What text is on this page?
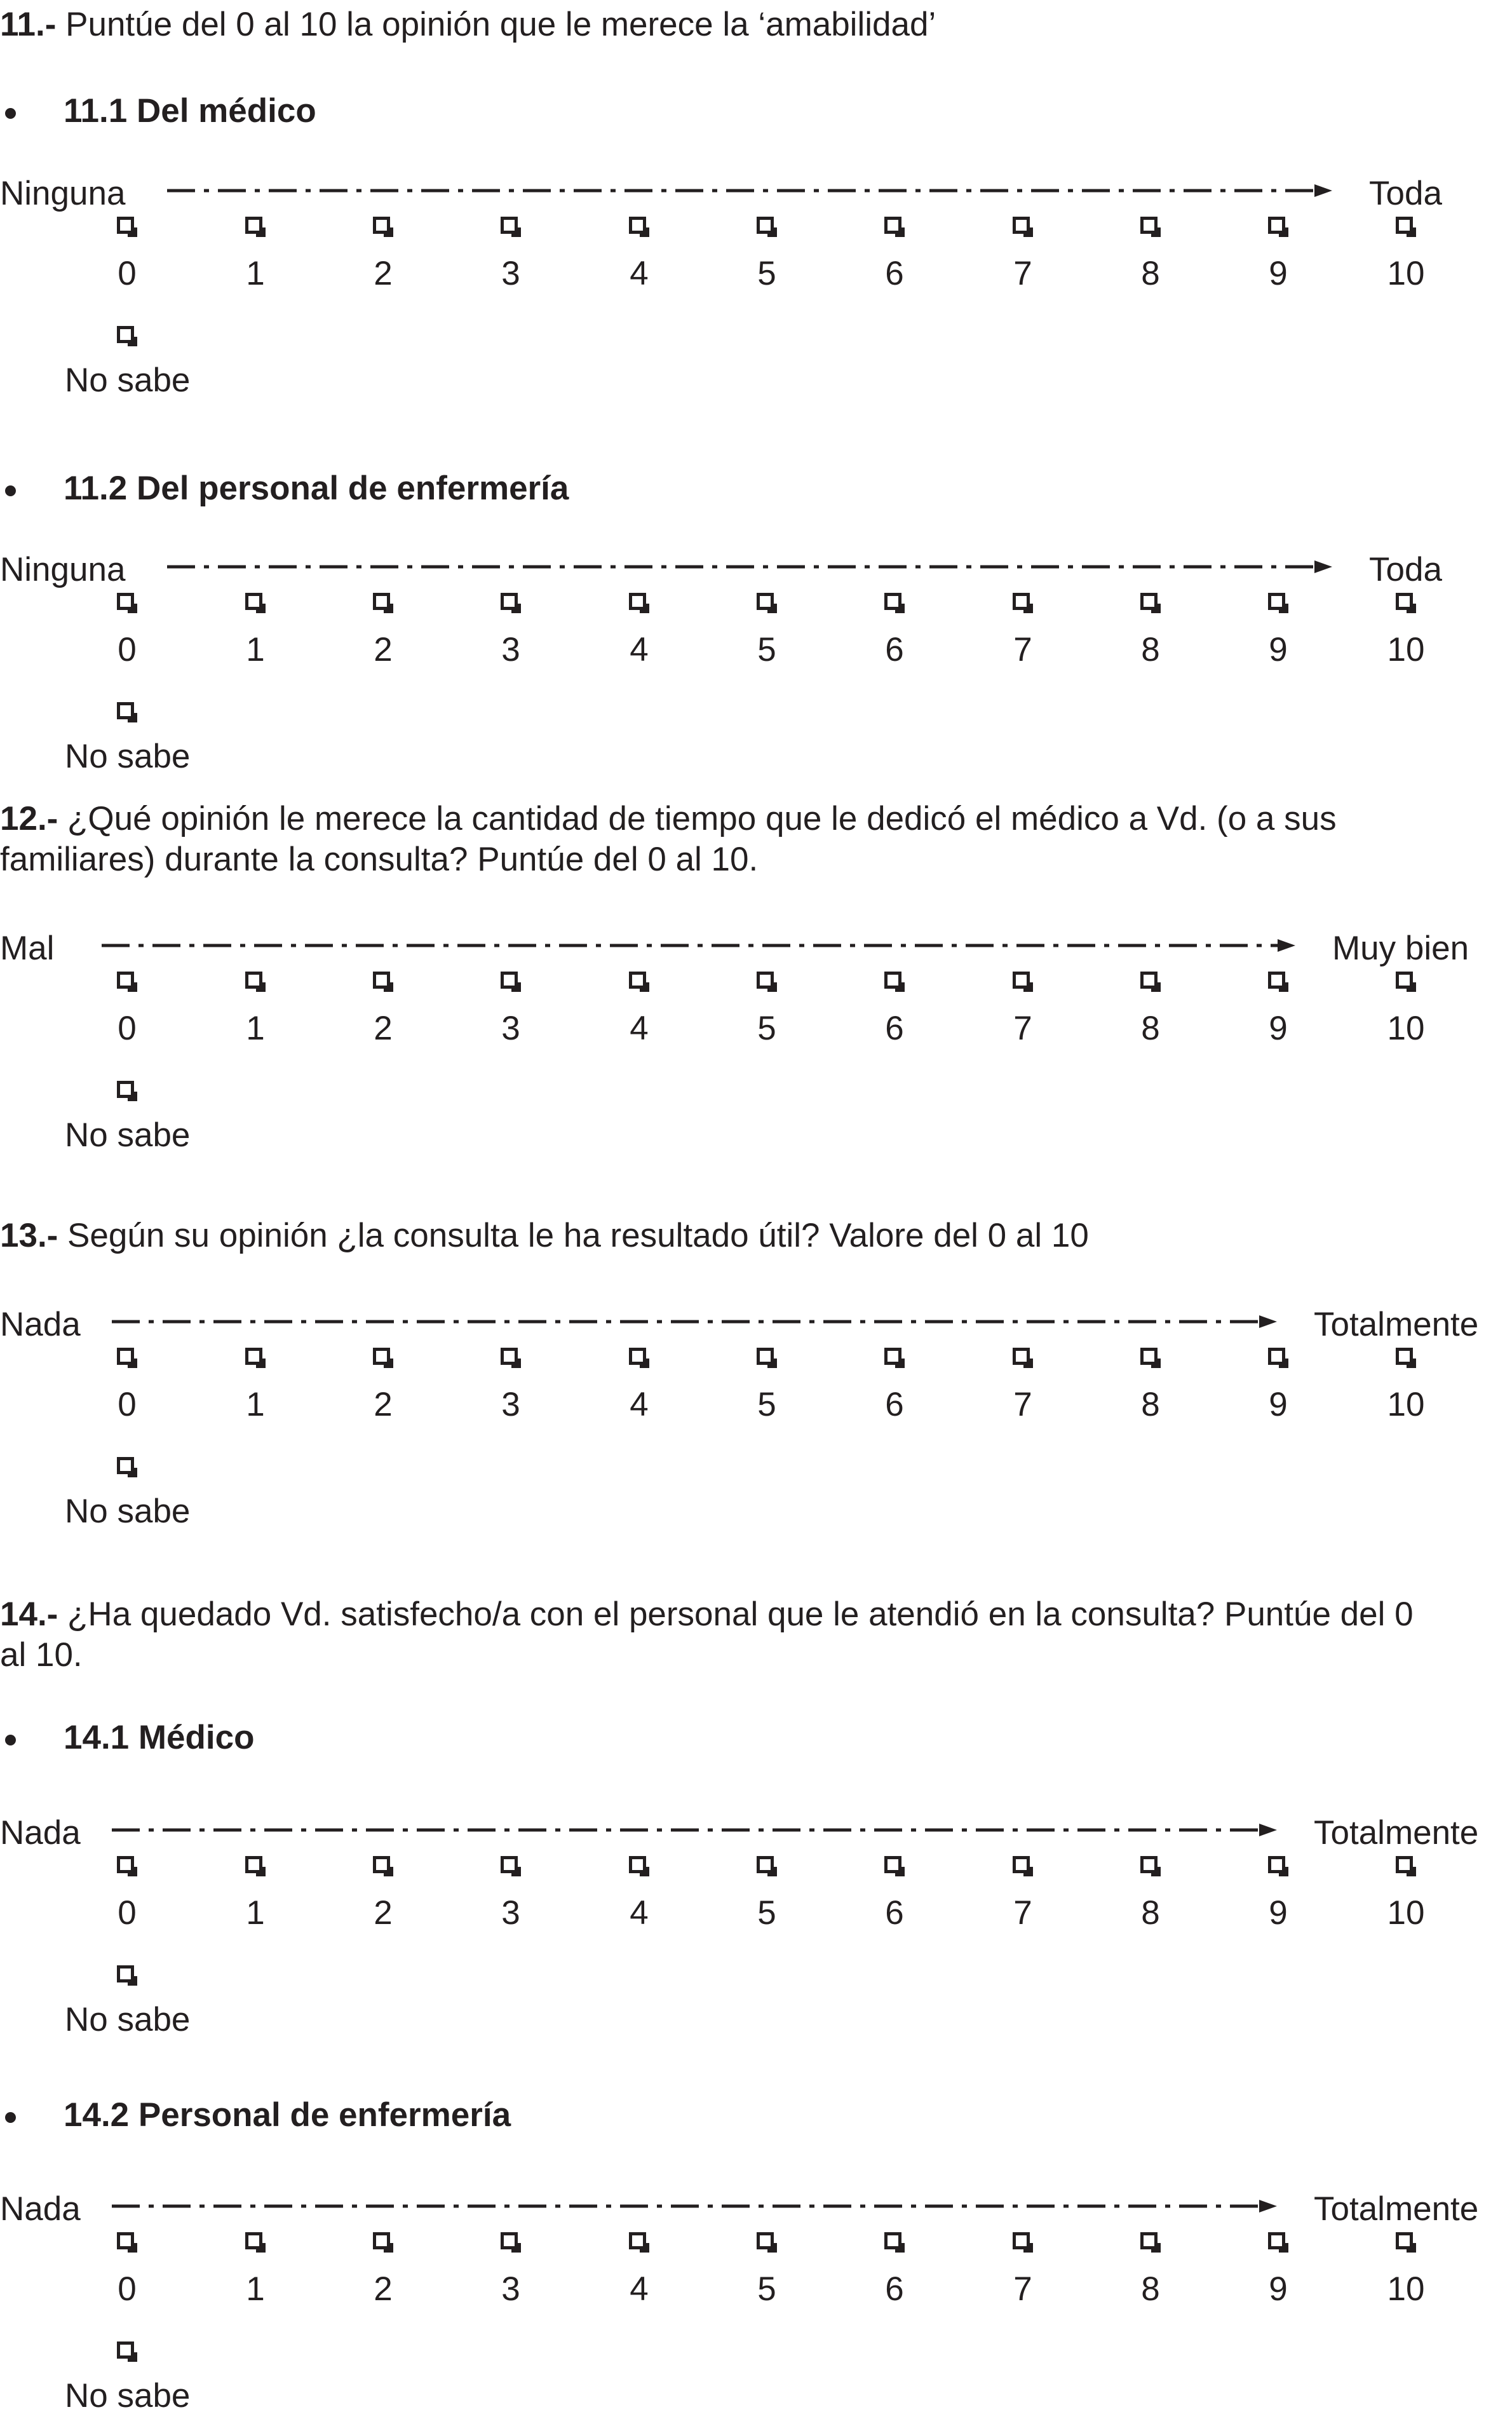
11.- Puntúe del 0 al 10 la opinión que le merece la ‘amabilidad’
11.1 Del médico
Ninguna	Toda
0	1	2	3	4	5	6	7	8	9	10
No sabe
11.2 Del personal de enfermería
Ninguna	Toda
0	1	2	3	4	5	6	7	8	9	10
No sabe
12.- ¿Qué opinión le merece la cantidad de tiempo que le dedicó el médico a Vd. (o a sus
familiares) durante la consulta? Puntúe del 0 al 10.
Mal	Muy bien
0	1	2	3	4	5	6	7	8	9	10
No sabe
13.- Según su opinión ¿la consulta le ha resultado útil? Valore del 0 al 10
Nada	Totalmente
0	1	2	3	4	5	6	7	8	9	10
No sabe
14.- ¿Ha quedado Vd. satisfecho/a con el personal que le atendió en la consulta? Puntúe del 0
al 10.
14.1 Médico
Nada	Totalmente
0	1	2	3	4	5	6	7	8	9	10
No sabe
14.2 Personal de enfermería
Nada	Totalmente
0	1	2	3	4	5	6	7	8	9	10
No sabe
